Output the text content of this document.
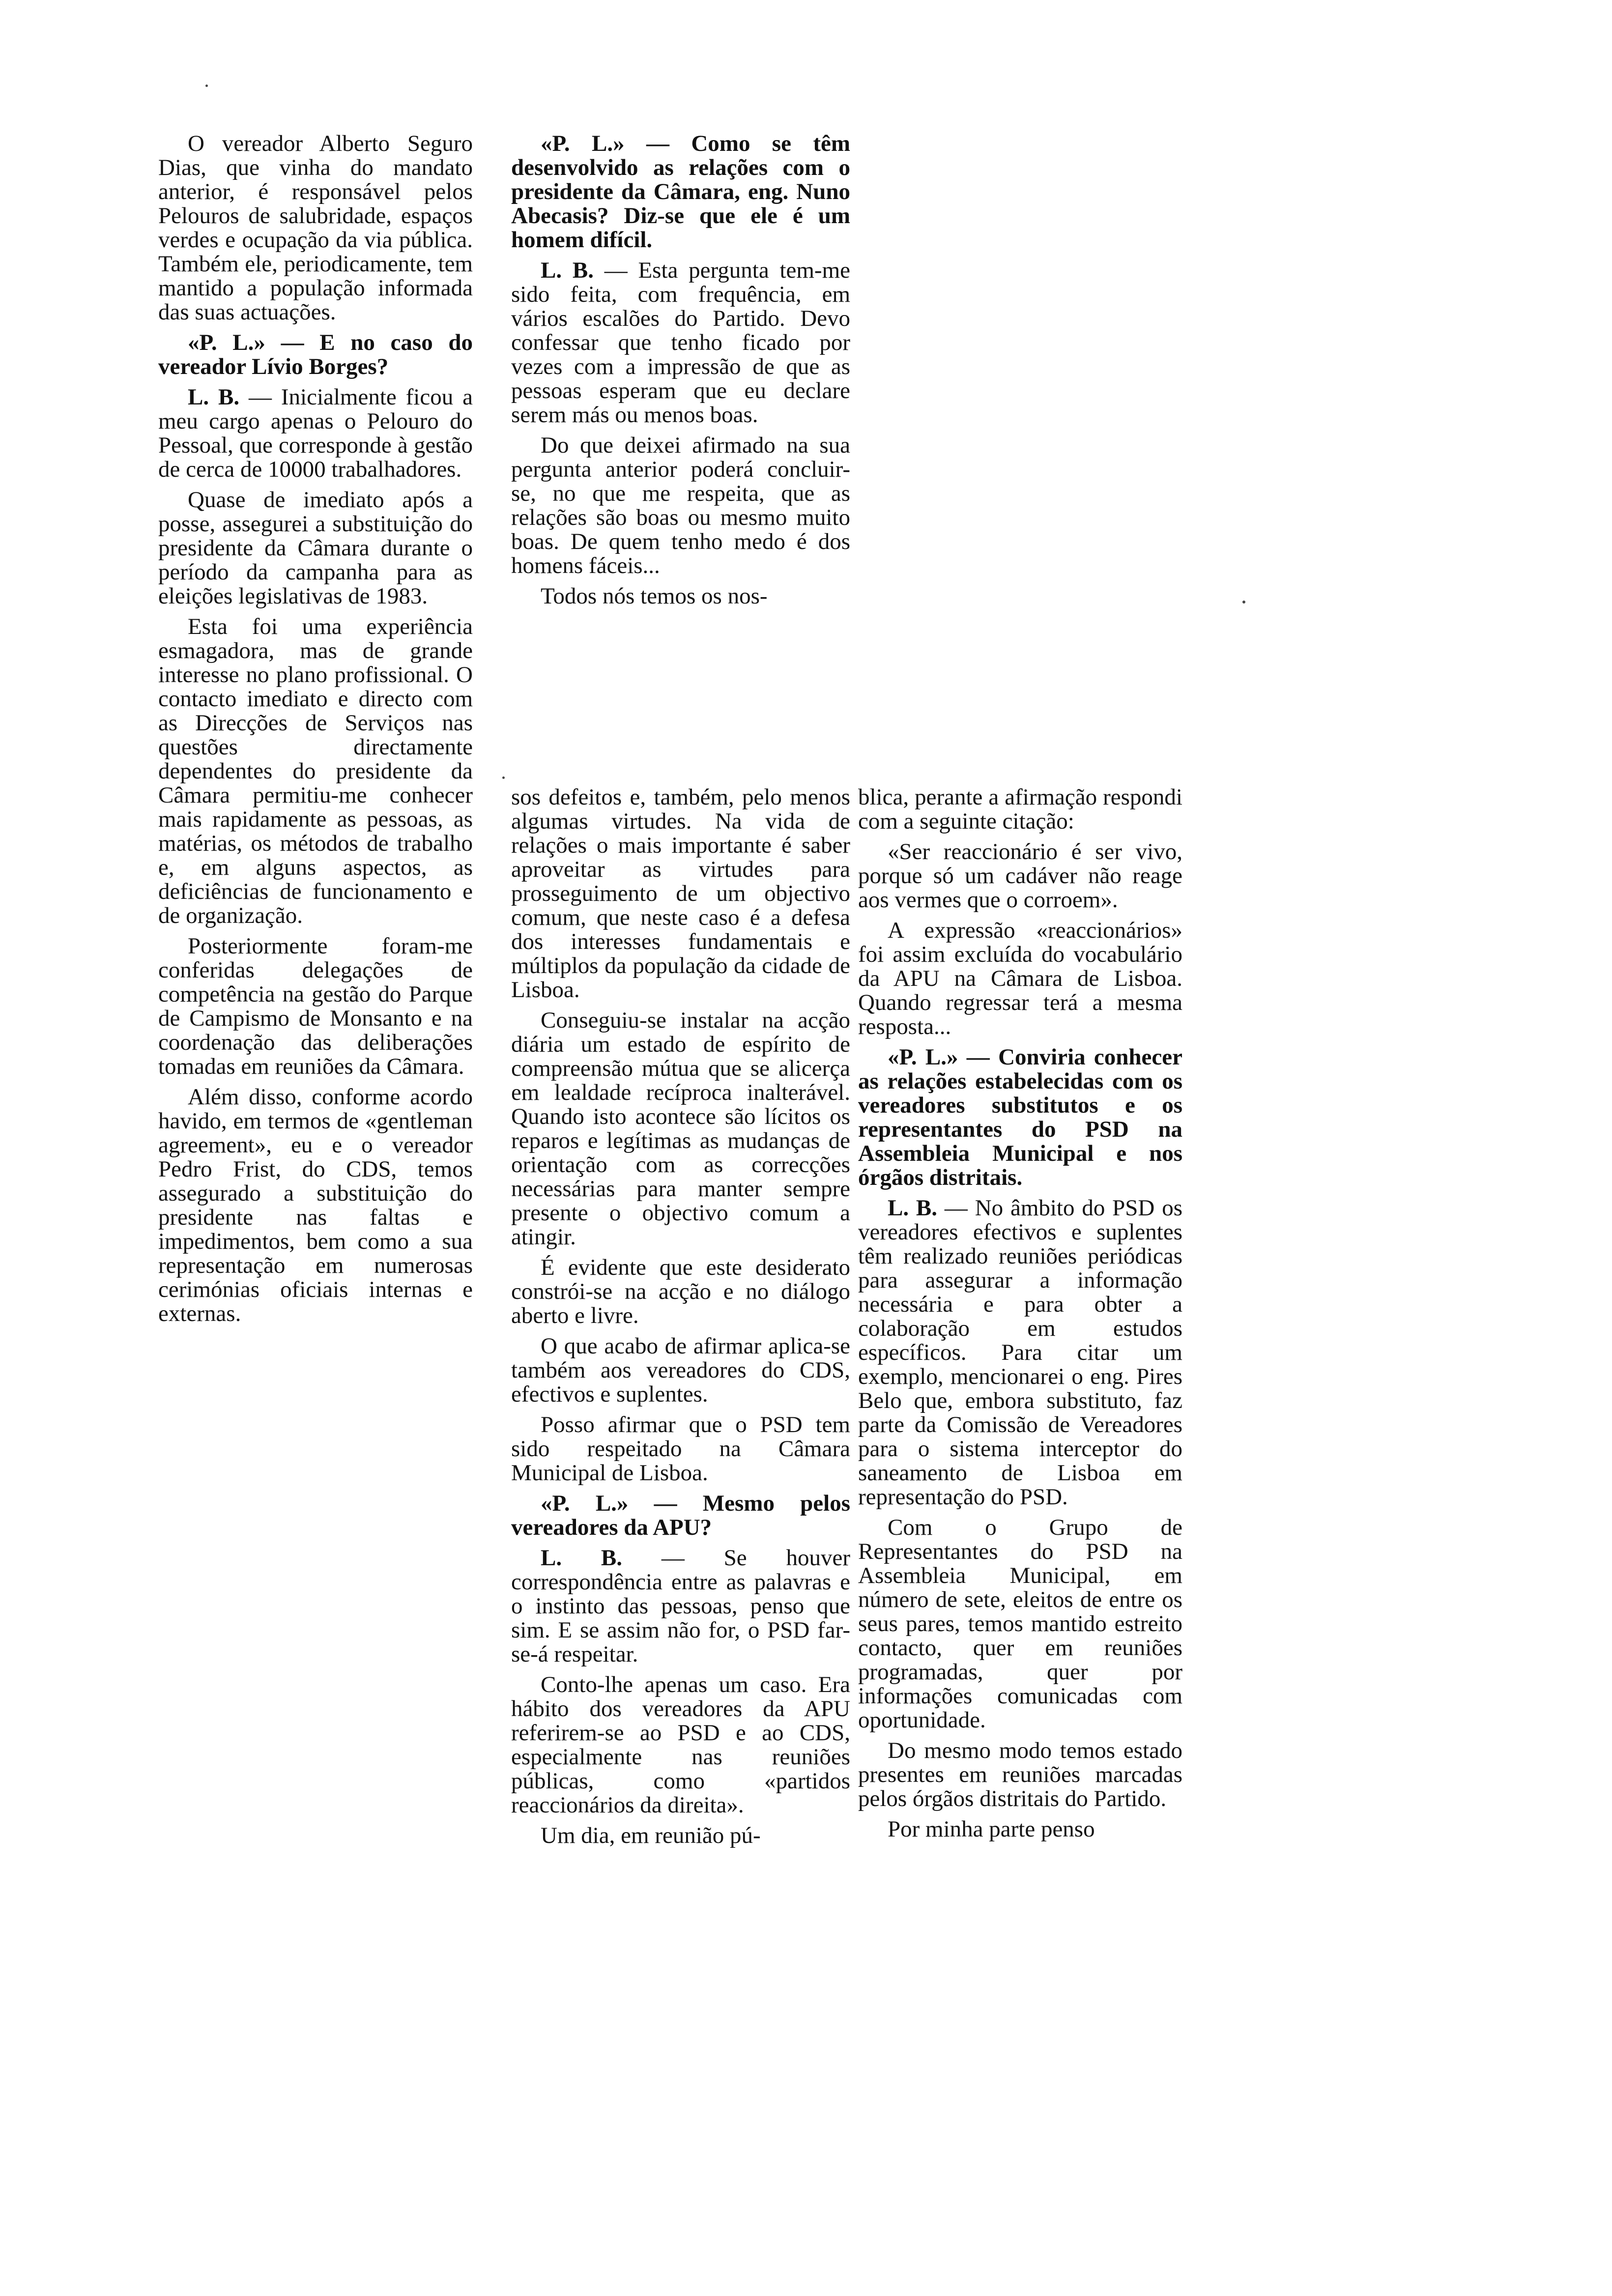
O vereador Alberto Seguro Dias, que vinha do mandato anterior, é responsável pelos Pelouros de salubridade, espaços verdes e ocupação da via pública. Também ele, periodicamente, tem mantido a população informada das suas actuações.

«P. L.» — E no caso do vereador Lívio Borges?

L. B. — Inicialmente ficou a meu cargo apenas o Pelouro do Pessoal, que corresponde à gestão de cerca de 10000 trabalhadores.

Quase de imediato após a posse, assegurei a substituição do presidente da Câmara durante o período da campanha para as eleições legislativas de 1983.

Esta foi uma experiência esmagadora, mas de grande interesse no plano profissional. O contacto imediato e directo com as Direcções de Serviços nas questões directamente dependentes do presidente da Câmara permitiu-me conhecer mais rapidamente as pessoas, as matérias, os métodos de trabalho e, em alguns aspectos, as deficiências de funcionamento e de organização.

Posteriormente foram-me conferidas delegações de competência na gestão do Parque de Campismo de Monsanto e na coordenação das deliberações tomadas em reuniões da Câmara.

Além disso, conforme acordo havido, em termos de «gentleman agreement», eu e o vereador Pedro Frist, do CDS, temos assegurado a substituição do presidente nas faltas e impedimentos, bem como a sua representação em numerosas cerimónias oficiais internas e externas.

«P. L.» — Como se têm desenvolvido as relações com o presidente da Câmara, eng. Nuno Abecasis? Diz-se que ele é um homem difícil.

L. B. — Esta pergunta tem-me sido feita, com frequência, em vários escalões do Partido. Devo confessar que tenho ficado por vezes com a impressão de que as pessoas esperam que eu declare serem más ou menos boas.

Do que deixei afirmado na sua pergunta anterior poderá concluir-se, no que me respeita, que as relações são boas ou mesmo muito boas. De quem tenho medo é dos homens fáceis...

Todos nós temos os nos-

sos defeitos e, também, pelo menos algumas virtudes. Na vida de relações o mais importante é saber aproveitar as virtudes para prosseguimento de um objectivo comum, que neste caso é a defesa dos interesses fundamentais e múltiplos da população da cidade de Lisboa.

Conseguiu-se instalar na acção diária um estado de espírito de compreensão mútua que se alicerça em lealdade recíproca inalterável. Quando isto acontece são lícitos os reparos e legítimas as mudanças de orientação com as correcções necessárias para manter sempre presente o objectivo comum a atingir.

É evidente que este desiderato constrói-se na acção e no diálogo aberto e livre.

O que acabo de afirmar aplica-se também aos vereadores do CDS, efectivos e suplentes.

Posso afirmar que o PSD tem sido respeitado na Câmara Municipal de Lisboa.

«P. L.» — Mesmo pelos vereadores da APU?

L. B. — Se houver correspondência entre as palavras e o instinto das pessoas, penso que sim. E se assim não for, o PSD far-se-á respeitar.

Conto-lhe apenas um caso. Era hábito dos vereadores da APU referirem-se ao PSD e ao CDS, especialmente nas reuniões públicas, como «partidos reaccionários da direita».

Um dia, em reunião pú-

blica, perante a afirmação respondi com a seguinte citação:

«Ser reaccionário é ser vivo, porque só um cadáver não reage aos vermes que o corroem».

A expressão «reaccionários» foi assim excluída do vocabulário da APU na Câmara de Lisboa. Quando regressar terá a mesma resposta...

«P. L.» — Conviria conhecer as relações estabelecidas com os vereadores substitutos e os representantes do PSD na Assembleia Municipal e nos órgãos distritais.

L. B. — No âmbito do PSD os vereadores efectivos e suplentes têm realizado reuniões periódicas para assegurar a informação necessária e para obter a colaboração em estudos específicos. Para citar um exemplo, mencionarei o eng. Pires Belo que, embora substituto, faz parte da Comissão de Vereadores para o sistema interceptor do saneamento de Lisboa em representação do PSD.

Com o Grupo de Representantes do PSD na Assembleia Municipal, em número de sete, eleitos de entre os seus pares, temos mantido estreito contacto, quer em reuniões programadas, quer por informações comunicadas com oportunidade.

Do mesmo modo temos estado presentes em reuniões marcadas pelos órgãos distritais do Partido.

Por minha parte penso
